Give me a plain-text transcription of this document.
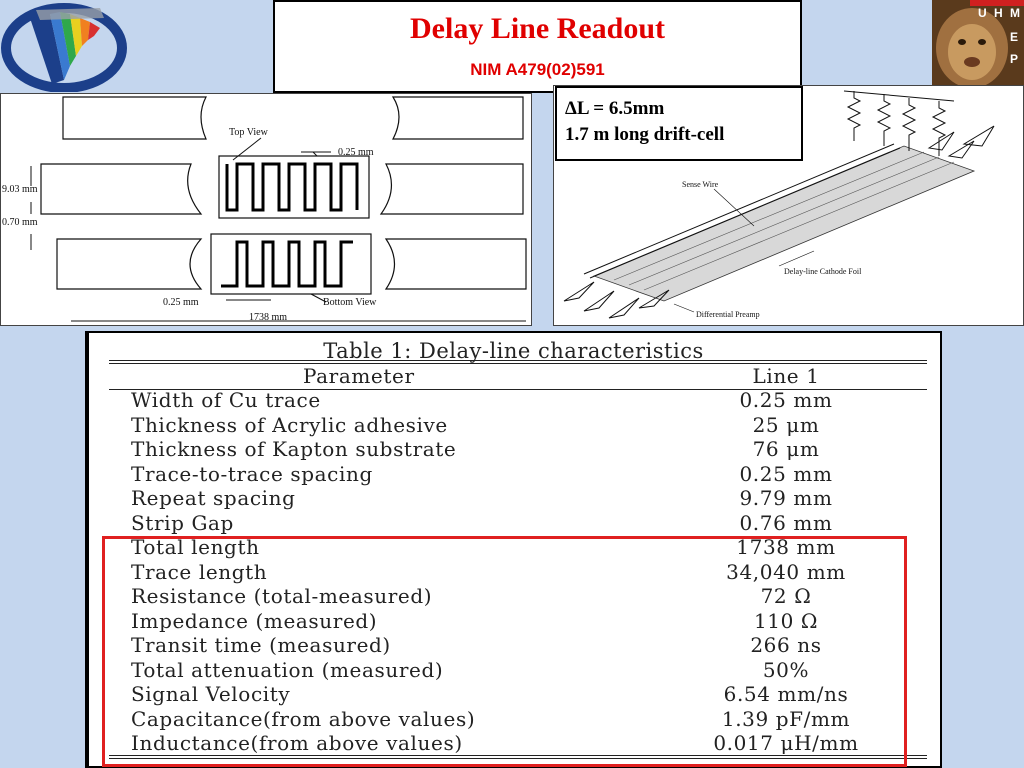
Delay Line Readout
NIM A479(02)591
U H M
E
P
Top View
0.25 mm
9.03 mm
0.70 mm
0.25 mm	Bottom View
1738 mm
Sense Wire
Delay-line Cathode Foil
Differential Preamp
ΔL = 6.5mm
1.7 m long drift-cell
Table 1: Delay-line characteristics
Parameter	Line 1
Width of Cu trace	0.25 mm
Thickness of Acrylic adhesive	25 μm
Thickness of Kapton substrate	76 μm
Trace-to-trace spacing	0.25 mm
Repeat spacing	9.79 mm
Strip Gap	0.76 mm
Total length	1738 mm
Trace length	34,040 mm
Resistance (total-measured)	72 Ω
Impedance (measured)	110 Ω
Transit time (measured)	266 ns
Total attenuation (measured)	50%
Signal Velocity	6.54 mm/ns
Capacitance(from above values)	1.39 pF/mm
Inductance(from above values)	0.017 μH/mm
